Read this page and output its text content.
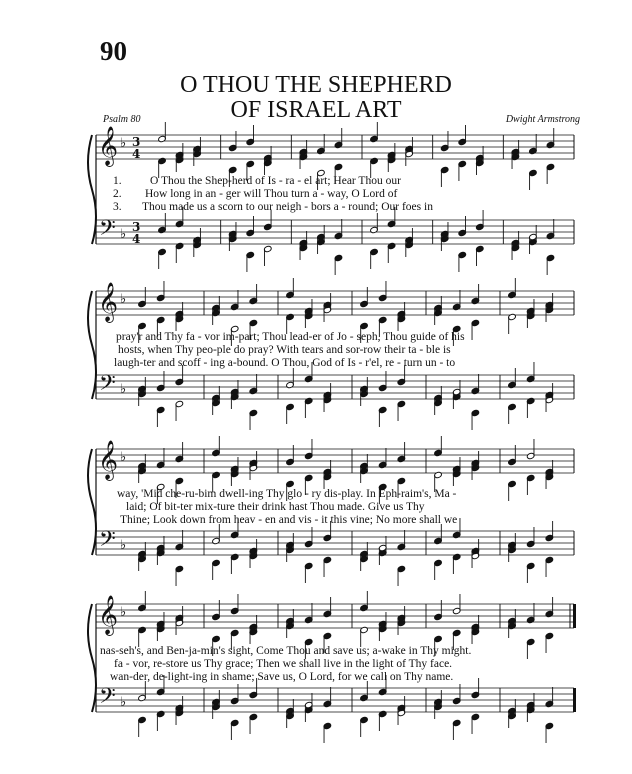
90
O THOU THE SHEPHERD
OF ISRAEL ART
Psalm 80	Dwight Armstrong
𝄞
𝄢
♭
♭
3
4
3
4
𝄞
𝄢
♭
♭
𝄞
𝄢
♭
♭
𝄞
𝄢
♭
♭
1.
2.
3.
O Thou the Shep-herd of Is - ra - el art; Hear Thou our
How long in an - ger will Thou turn a - way, O Lord of
Thou made us a scorn to our neigh - bors a - round; Our foes in
pray'r and Thy fa - vor im-part; Thou lead-er of Jo - seph, Thou guide of his
hosts, when Thy peo-ple do pray? With tears and sor-row their ta - ble is
laugh-ter and scoff - ing a-bound. O Thou, God of Is - r'el, re - turn un - to
way, 'Mid che-ru-bim dwell-ing Thy glo - ry dis-play. In Eph-raim's, Ma -
laid; Of bit-ter mix-ture their drink hast Thou made. Give us Thy
Thine; Look down from heav - en and vis - it this vine; No more shall we
nas-seh's, and Ben-ja-min's sight, Come Thou and save us; a-wake in Thy might.
fa - vor, re-store us Thy grace; Then we shall live in the light of Thy face.
wan-der, de-light-ing in shame; Save us, O Lord, for we call on Thy name.
